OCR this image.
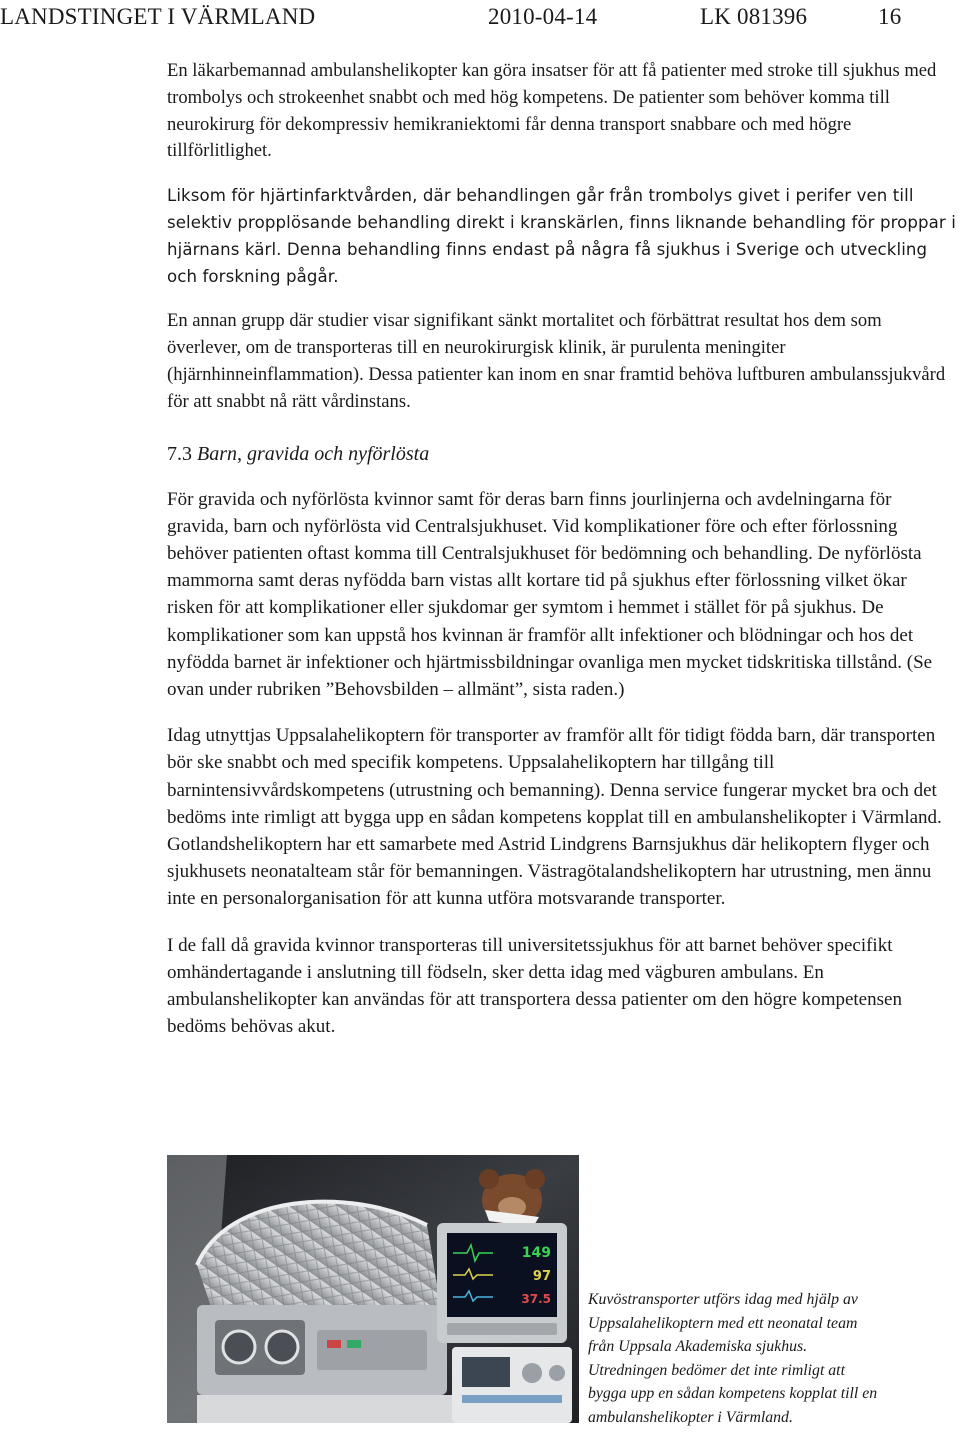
LANDSTINGET I VÄRMLAND	2010-04-14	LK 081396	16

En läkarbemannad ambulanshelikopter kan göra insatser för att få patienter med stroke till sjukhus med trombolys och strokeenhet snabbt och med hög kompetens. De patienter som behöver komma till neurokirurg för dekompressiv hemikraniektomi får denna transport snabbare och med högre tillförlitlighet.

Liksom för hjärtinfarktvården, där behandlingen går från trombolys givet i perifer ven till selektiv propplösande behandling direkt i kranskärlen, finns liknande behandling för proppar i hjärnans kärl. Denna behandling finns endast på några få sjukhus i Sverige och utveckling och forskning pågår.

En annan grupp där studier visar signifikant sänkt mortalitet och förbättrat resultat hos dem som överlever, om de transporteras till en neurokirurgisk klinik, är purulenta meningiter (hjärnhinneinflammation). Dessa patienter kan inom en snar framtid behöva luftburen ambulanssjukvård för att snabbt nå rätt vårdinstans.

7.3 Barn, gravida och nyförlösta

För gravida och nyförlösta kvinnor samt för deras barn finns jourlinjerna och avdelningarna för gravida, barn och nyförlösta vid Centralsjukhuset. Vid komplikationer före och efter förlossning behöver patienten oftast komma till Centralsjukhuset för bedömning och behandling. De nyförlösta mammorna samt deras nyfödda barn vistas allt kortare tid på sjukhus efter förlossning vilket ökar risken för att komplikationer eller sjukdomar ger symtom i hemmet i stället för på sjukhus. De komplikationer som kan uppstå hos kvinnan är framför allt infektioner och blödningar och hos det nyfödda barnet är infektioner och hjärtmissbildningar ovanliga men mycket tidskritiska tillstånd. (Se ovan under rubriken ”Behovsbilden – allmänt”, sista raden.)

Idag utnyttjas Uppsalahelikoptern för transporter av framför allt för tidigt födda barn, där transporten bör ske snabbt och med specifik kompetens. Uppsalahelikoptern har tillgång till barnintensivvårdskompetens (utrustning och bemanning). Denna service fungerar mycket bra och det bedöms inte rimligt att bygga upp en sådan kompetens kopplat till en ambulanshelikopter i Värmland. Gotlandshelikoptern har ett samarbete med Astrid Lindgrens Barnsjukhus där helikoptern flyger och sjukhusets neonatalteam står för bemanningen. Västragötalandshelikoptern har utrustning, men ännu inte en personalorganisation för att kunna utföra motsvarande transporter.

I de fall då gravida kvinnor transporteras till universitetssjukhus för att barnet behöver specifikt omhändertagande i anslutning till födseln, sker detta idag med vägburen ambulans. En ambulanshelikopter kan användas för att transportera dessa patienter om den högre kompetensen bedöms behövas akut.

149
97
37.5 Kuvöstransporter utförs idag med hjälp av
Uppsalahelikoptern med ett neonatal team
från Uppsala Akademiska sjukhus.
Utredningen bedömer det inte rimligt att
bygga upp en sådan kompetens kopplat till en
ambulanshelikopter i Värmland.
